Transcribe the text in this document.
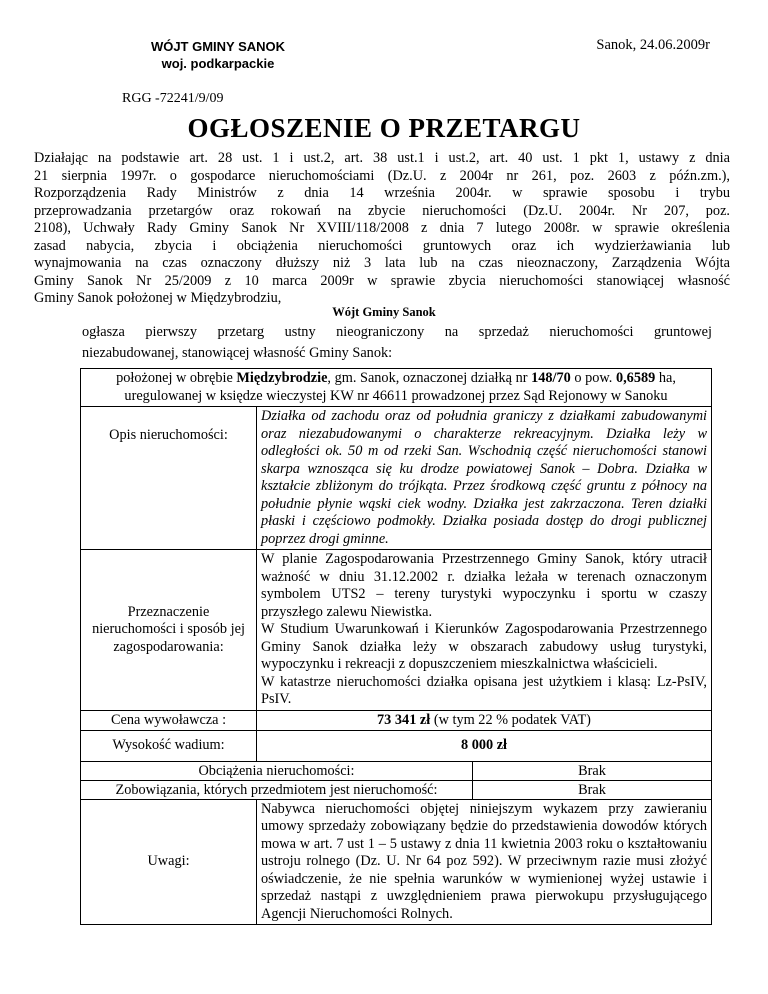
WÓJT GMINY SANOK
woj. podkarpackie
Sanok, 24.06.2009r
RGG -72241/9/09
OGŁOSZENIE O PRZETARGU
Działając na podstawie art. 28 ust. 1 i ust.2, art. 38 ust.1 i ust.2, art. 40 ust. 1 pkt 1, ustawy z dnia
21 sierpnia 1997r. o gospodarce nieruchomościami (Dz.U. z 2004r nr 261, poz. 2603 z późn.zm.),
Rozporządzenia Rady Ministrów z dnia 14 września 2004r. w sprawie sposobu i trybu
przeprowadzania przetargów oraz rokowań na zbycie nieruchomości (Dz.U. 2004r. Nr 207, poz.
2108), Uchwały Rady Gminy Sanok Nr XVIII/118/2008 z dnia 7 lutego 2008r. w sprawie określenia
zasad nabycia, zbycia i obciążenia nieruchomości gruntowych oraz ich wydzierżawiania lub
wynajmowania na czas oznaczony dłuższy niż 3 lata lub na czas nieoznaczony, Zarządzenia Wójta
Gminy Sanok Nr 25/2009 z 10 marca 2009r w sprawie zbycia nieruchomości stanowiącej własność
Gminy Sanok położonej w Międzybrodziu,
Wójt Gminy Sanok
ogłasza pierwszy przetarg ustny nieograniczony na sprzedaż nieruchomości gruntowej
niezabudowanej, stanowiącej własność Gminy Sanok:
położonej w obrębie Międzybrodzie, gm. Sanok, oznaczonej działką nr 148/70 o pow. 0,6589 ha,
uregulowanej w księdze wieczystej KW nr 46611 prowadzonej przez Sąd Rejonowy w Sanoku		
Opis nieruchomości:	Działka od zachodu oraz od południa graniczy z działkami zabudowanymi oraz niezabudowanymi o charakterze rekreacyjnym. Działka leży w odległości ok. 50 m od rzeki San. Wschodnią część nieruchomości stanowi skarpa wznosząca się ku drodze powiatowej Sanok – Dobra. Działka w kształcie zbliżonym do trójkąta. Przez środkową część gruntu z północy na południe płynie wąski ciek wodny. Działka jest zakrzaczona. Teren działki płaski i częściowo podmokły. Działka posiada dostęp do drogi publicznej poprzez drogi gminne.	
Przeznaczenie nieruchomości i sposób jej zagospodarowania:	W planie Zagospodarowania Przestrzennego Gminy Sanok, który utracił ważność w dniu 31.12.2002 r. działka leżała w terenach oznaczonym symbolem UTS2 – tereny turystyki wypoczynku i sportu w czaszy przyszłego zalewu Niewistka.
W Studium Uwarunkowań i Kierunków Zagospodarowania Przestrzennego Gminy Sanok działka leży w obszarach zabudowy usług turystyki, wypoczynku i rekreacji z dopuszczeniem mieszkalnictwa właścicieli.
W katastrze nieruchomości działka opisana jest użytkiem i klasą: Lz-PsIV, PsIV.	

Cena wywoławcza :	73 341 zł (w tym 22 % podatek VAT)	
Wysokość wadium:	8 000 zł	
Obciążenia nieruchomości:		Brak
Zobowiązania, których przedmiotem jest nieruchomość:		Brak
Uwagi:	Nabywca nieruchomości objętej niniejszym wykazem przy zawieraniu umowy sprzedaży zobowiązany będzie do przedstawienia dowodów których mowa w art. 7 ust 1 – 5 ustawy z dnia 11 kwietnia 2003 roku o kształtowaniu ustroju rolnego (Dz. U. Nr 64 poz 592). W przeciwnym razie musi złożyć oświadczenie, że nie spełnia warunków w wymienionej wyżej ustawie i sprzedaż nastąpi z uwzględnieniem prawa pierwokupu przysługującego Agencji Nieruchomości Rolnych.	
